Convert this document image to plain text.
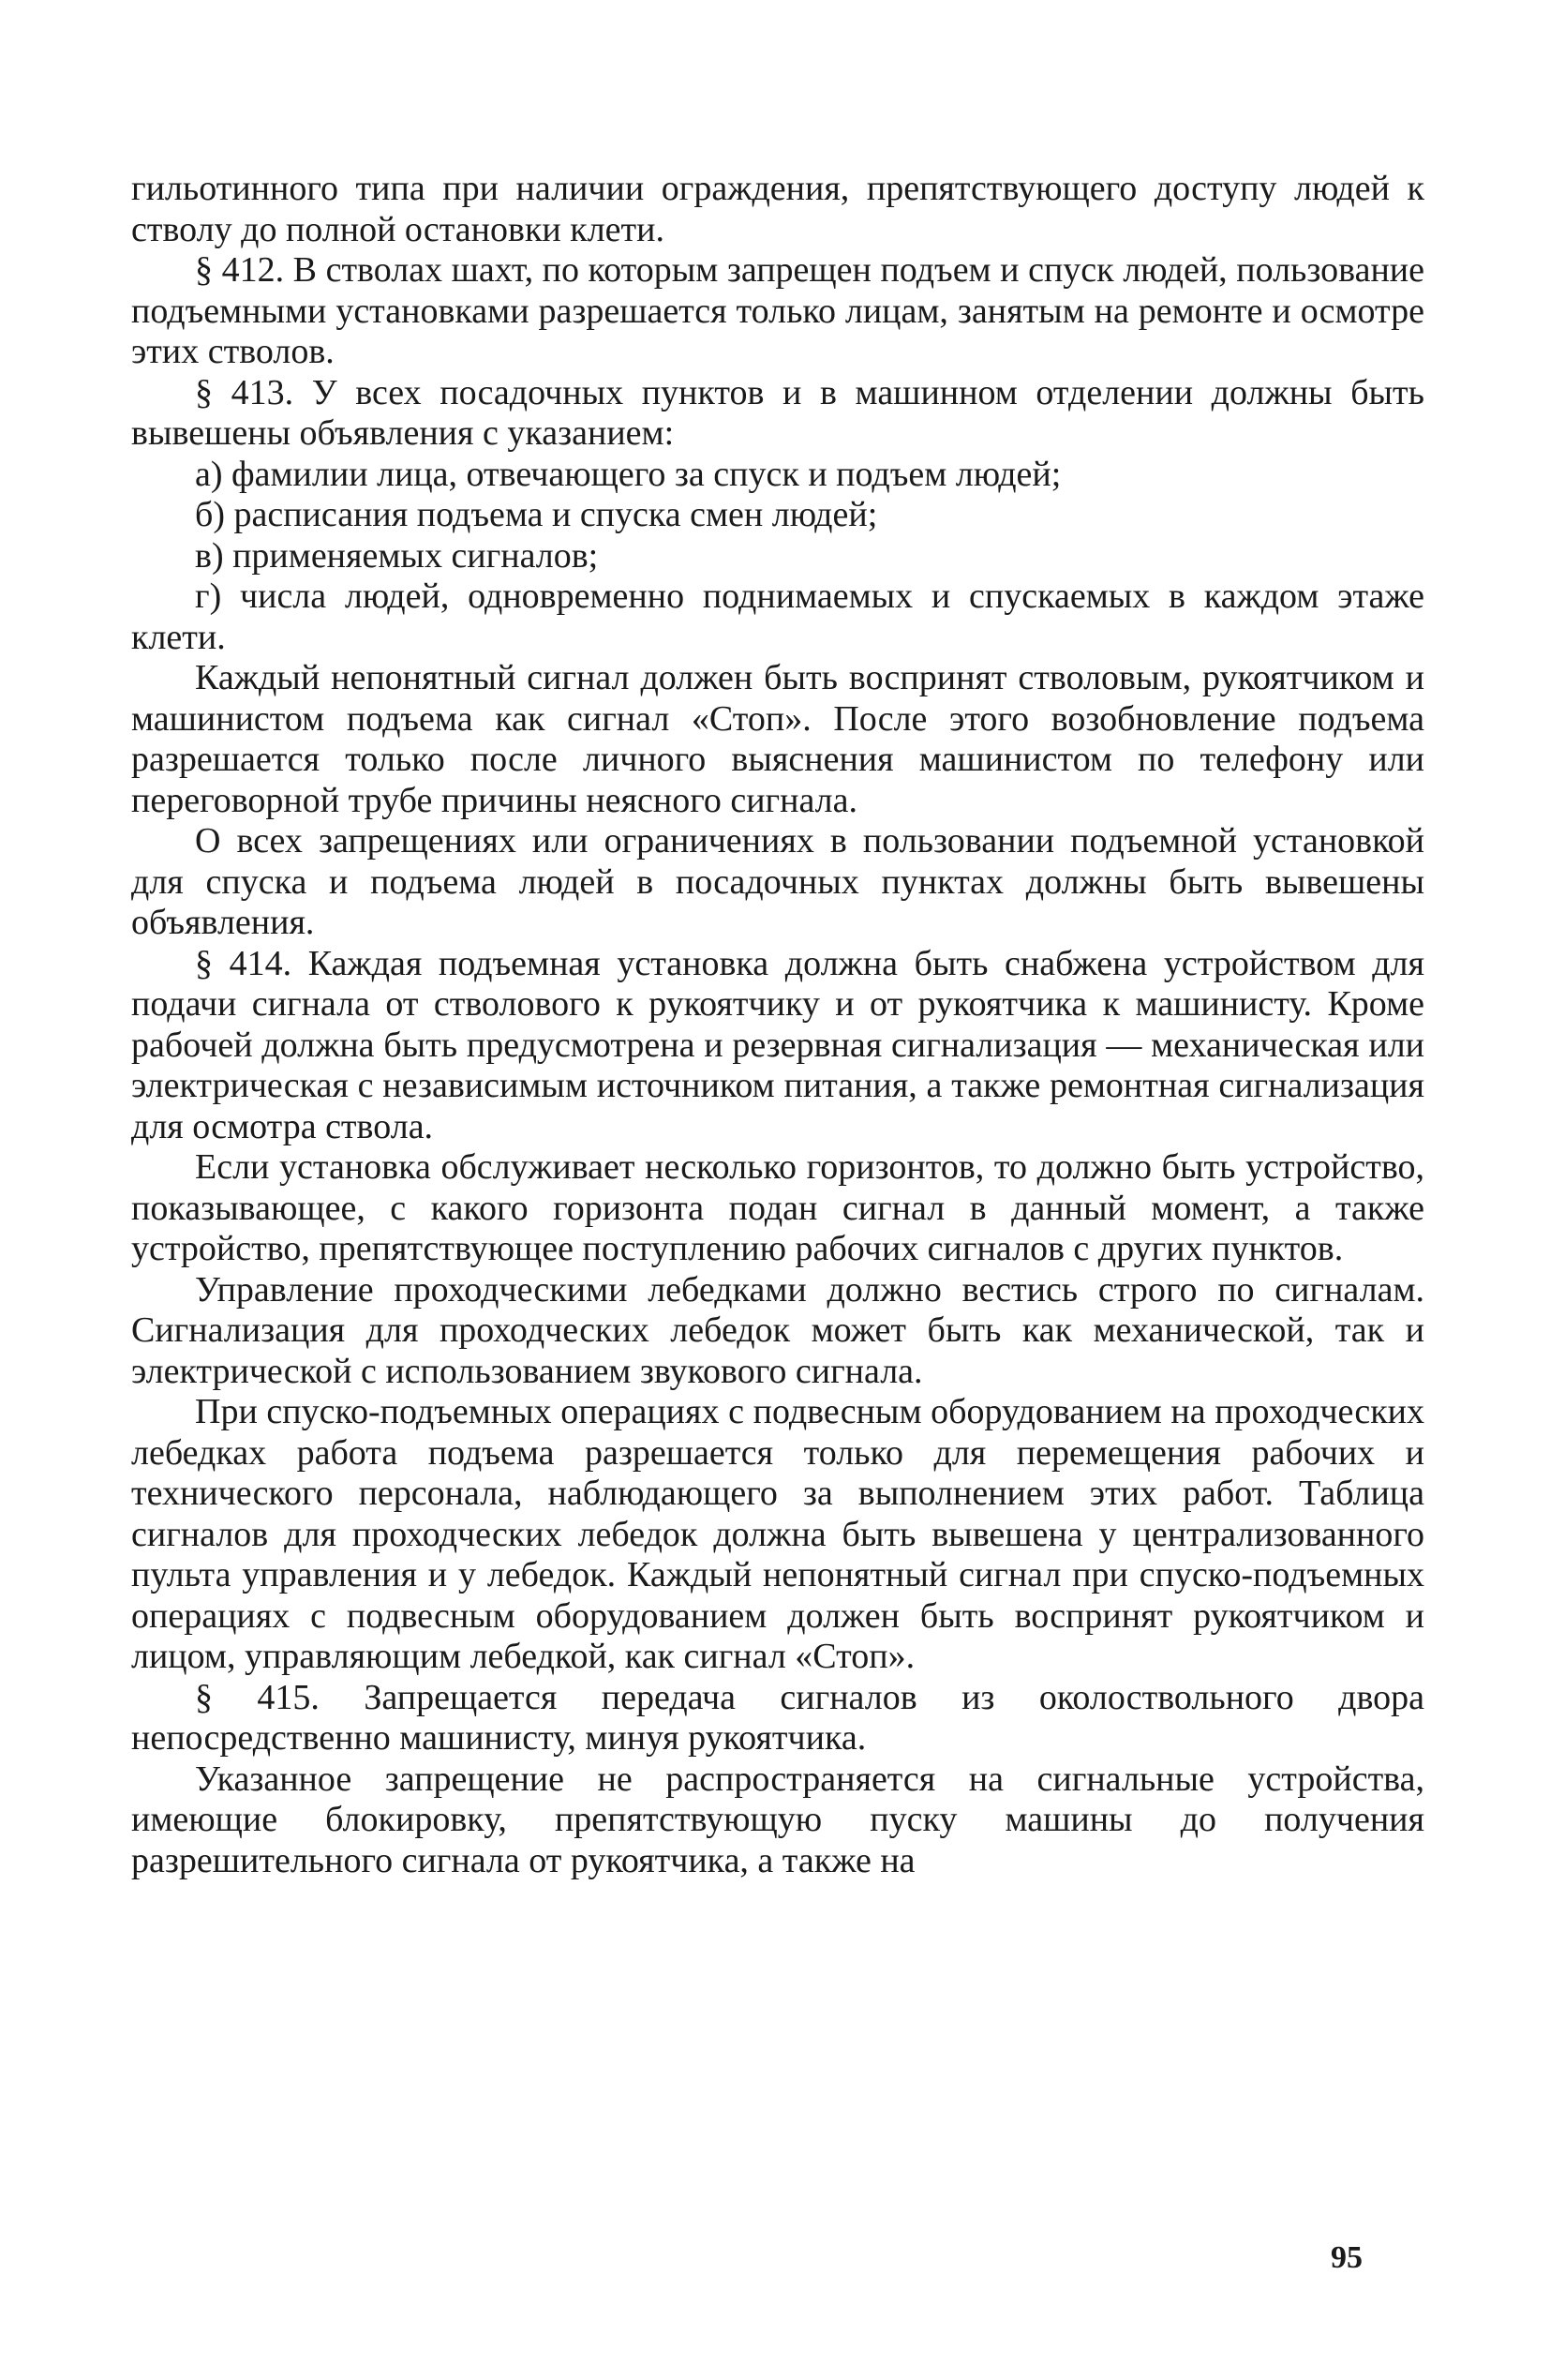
гильотинного типа при наличии ограждения, препятствующего доступу людей к стволу до полной остановки клети.

§ 412. В стволах шахт, по которым запрещен подъем и спуск людей, пользование подъемными установками разрешается только лицам, занятым на ремонте и осмотре этих стволов.

§ 413. У всех посадочных пунктов и в машинном отделении должны быть вывешены объявления с указанием:

а) фамилии лица, отвечающего за спуск и подъем людей;

б) расписания подъема и спуска смен людей;

в) применяемых сигналов;

г) числа людей, одновременно поднимаемых и спускаемых в каждом этаже клети.

Каждый непонятный сигнал должен быть воспринят стволовым, рукоятчиком и машинистом подъема как сигнал «Стоп». После этого возобновление подъема разрешается только после личного выяснения машинистом по телефону или переговорной трубе причины неясного сигнала.

О всех запрещениях или ограничениях в пользовании подъемной установкой для спуска и подъема людей в посадочных пунктах должны быть вывешены объявления.

§ 414. Каждая подъемная установка должна быть снабжена устройством для подачи сигнала от стволового к рукоятчику и от рукоятчика к машинисту. Кроме рабочей должна быть предусмотрена и резервная сигнализация — механическая или электрическая с независимым источником питания, а также ремонтная сигнализация для осмотра ствола.

Если установка обслуживает несколько горизонтов, то должно быть устройство, показывающее, с какого горизонта подан сигнал в данный момент, а также устройство, препятствующее поступлению рабочих сигналов с других пунктов.

Управление проходческими лебедками должно вестись строго по сигналам. Сигнализация для проходческих лебедок может быть как механической, так и электрической с использованием звукового сигнала.

При спуско-подъемных операциях с подвесным оборудованием на проходческих лебедках работа подъема разрешается только для перемещения рабочих и технического персонала, наблюдающего за выполнением этих работ. Таблица сигналов для проходческих лебедок должна быть вывешена у централизованного пульта управления и у лебедок. Каждый непонятный сигнал при спуско-подъемных операциях с подвесным оборудованием должен быть воспринят рукоятчиком и лицом, управляющим лебедкой, как сигнал «Стоп».

§ 415. Запрещается передача сигналов из околоствольного двора непосредственно машинисту, минуя рукоятчика.

Указанное запрещение не распространяется на сигнальные устройства, имеющие блокировку, препятствующую пуску машины до получения разрешительного сигнала от рукоятчика, а также на

95
